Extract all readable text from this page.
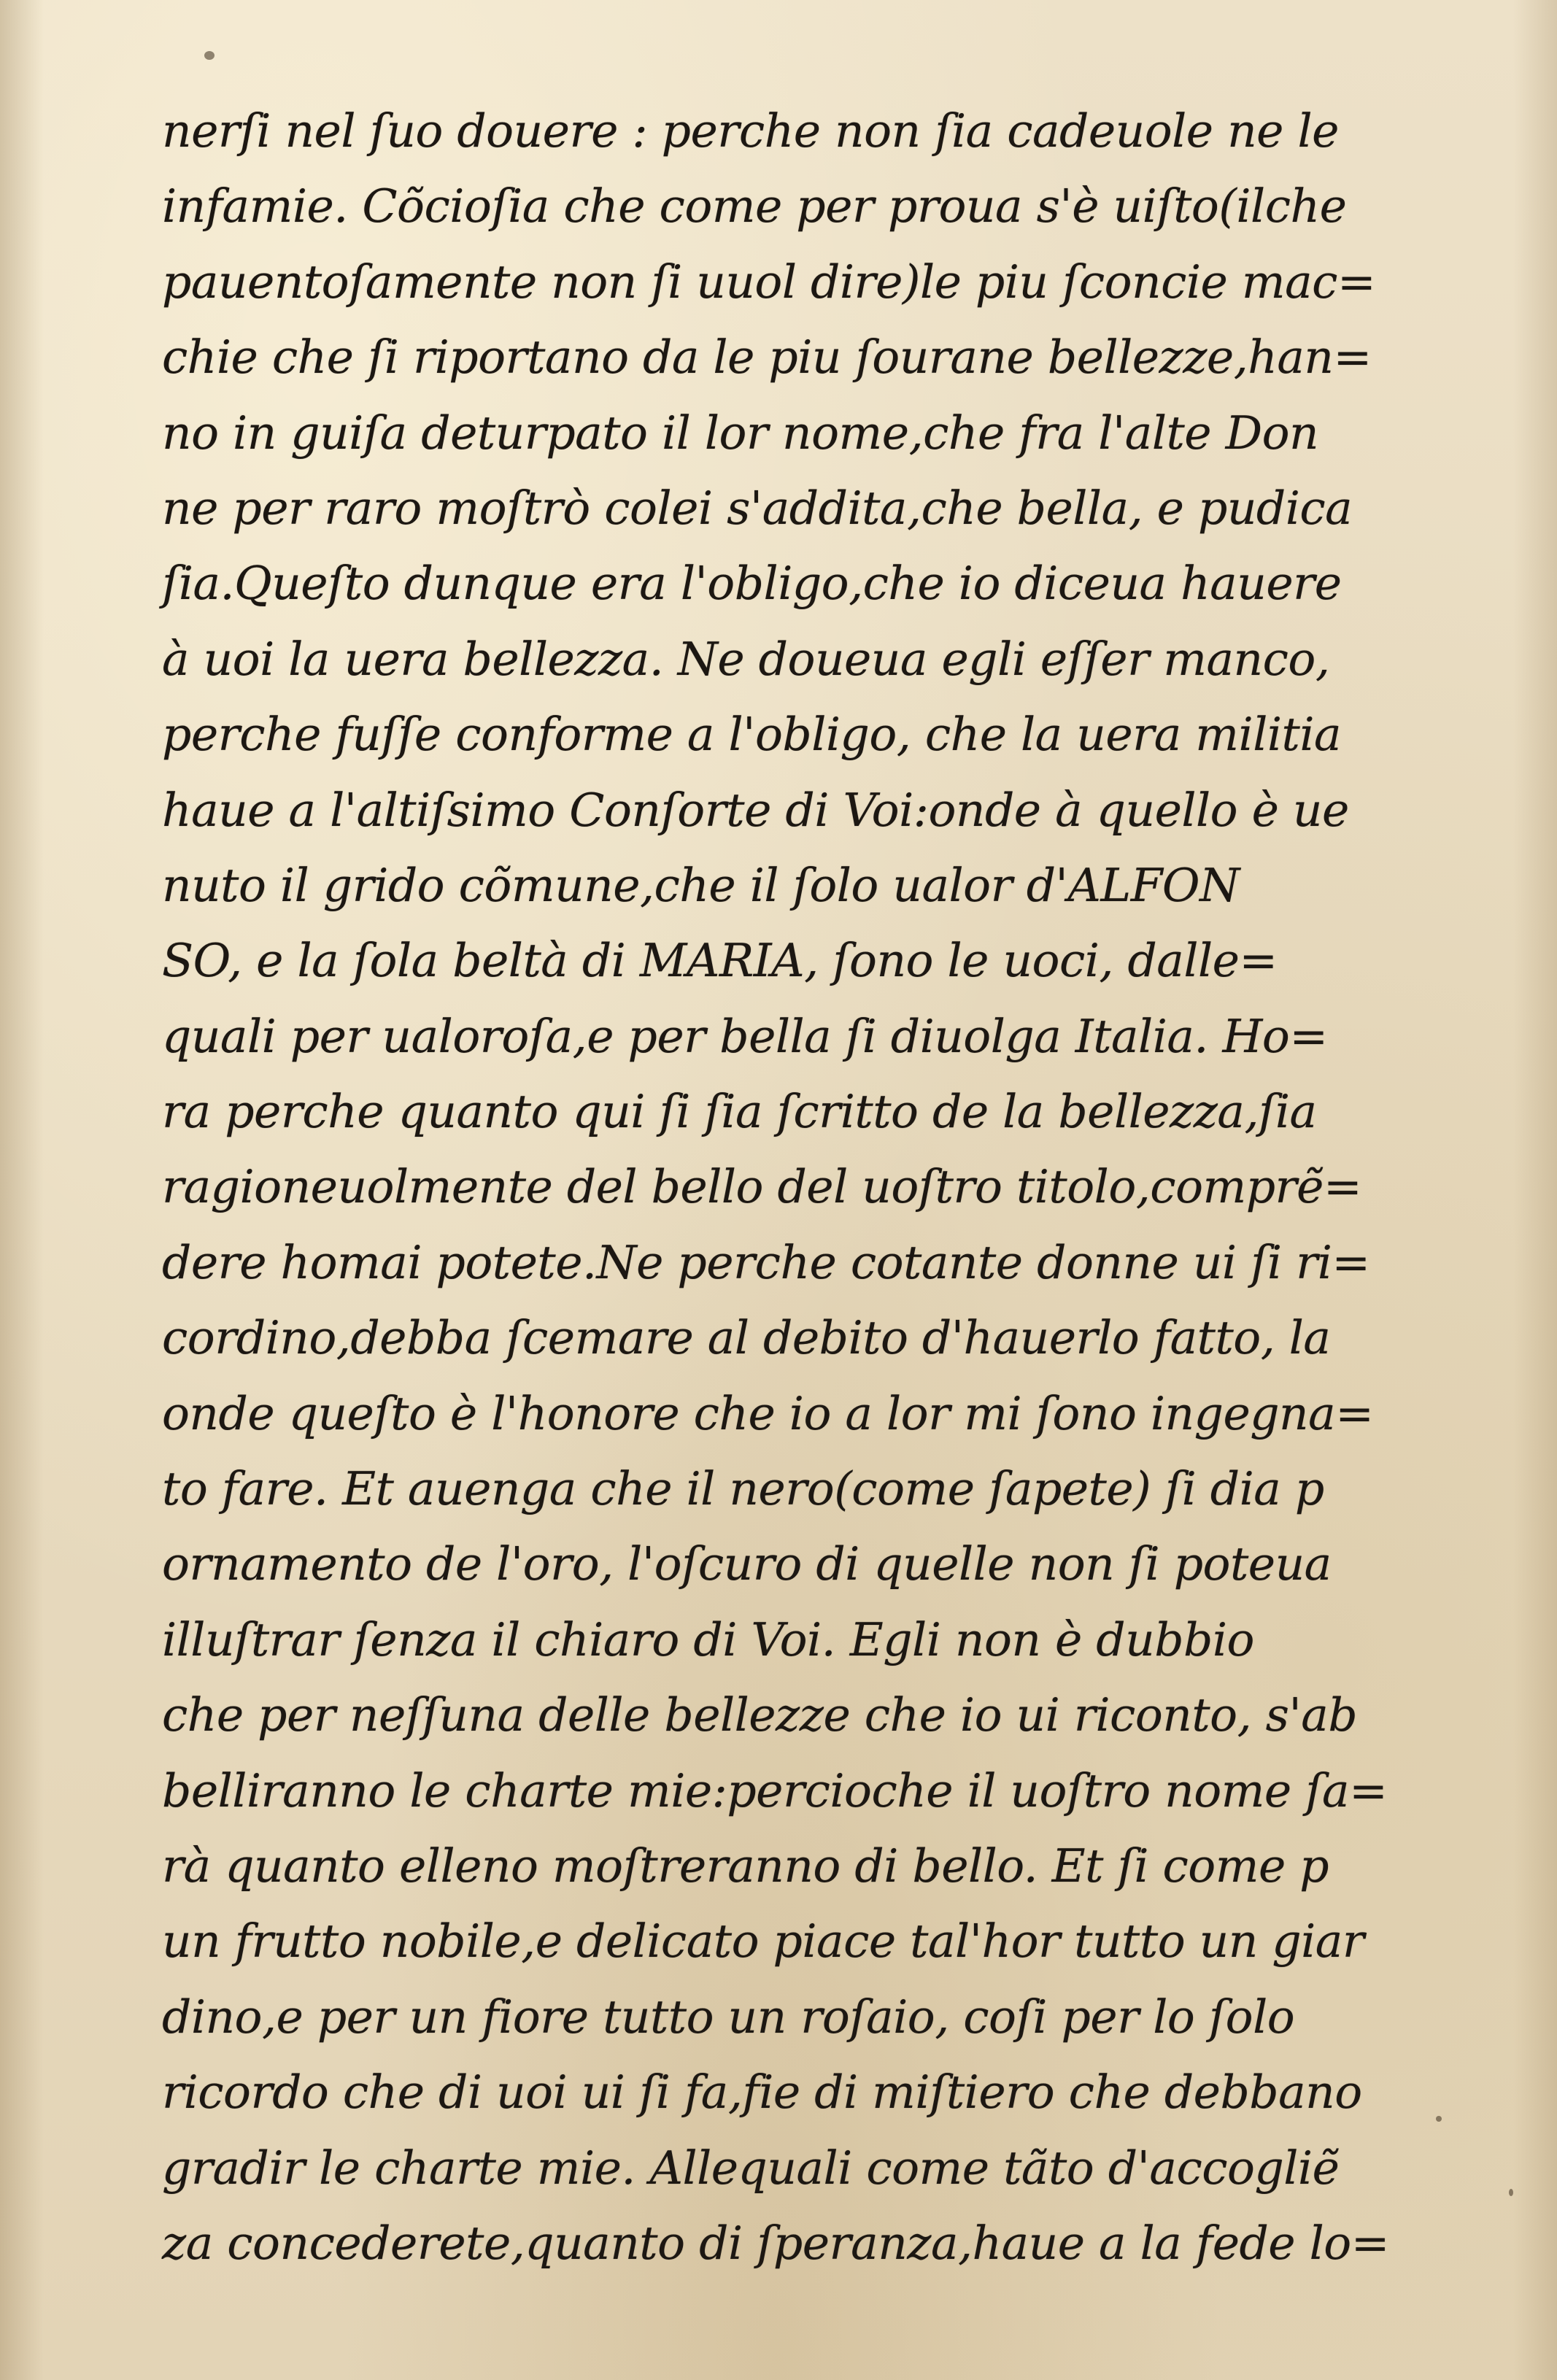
nerſi nel ſuo douere : perche non ſia cadeuole ne le
infamie. Cõcioſia che come per proua s'è uiſto(ilche
pauentoſamente non ſi uuol dire)le piu ſconcie mac=
chie che ſi riportano da le piu ſourane bellezze,han=
no in guiſa deturpato il lor nome,che fra l'alte Don
ne per raro moſtrò colei s'addita,che bella, e pudica
ſia.Queſto dunque era l'obligo,che io diceua hauere
à uoi la uera bellezza. Ne doueua egli eſſer manco,
perche fuſſe conforme a l'obligo, che la uera militia
haue a l'altiſsimo Conſorte di Voi:onde à quello è ue
nuto il grido cõmune,che il ſolo ualor d'ALFON
SO, e la ſola beltà di MARIA, ſono le uoci, dalle=
quali per ualoroſa,e per bella ſi diuolga Italia. Ho=
ra perche quanto qui ſi ſia ſcritto de la bellezza,ſia
ragioneuolmente del bello del uoſtro titolo,comprẽ=
dere homai potete.Ne perche cotante donne ui ſi ri=
cordino,debba ſcemare al debito d'hauerlo fatto, la
onde queſto è l'honore che io a lor mi ſono ingegna=
to fare. Et auenga che il nero(come ſapete) ſi dia p
ornamento de l'oro, l'oſcuro di quelle non ſi poteua
illuſtrar ſenza il chiaro di Voi. Egli non è dubbio
che per neſſuna delle bellezze che io ui riconto, s'ab
belliranno le charte mie:percioche il uoſtro nome ſa=
rà quanto elleno moſtreranno di bello. Et ſi come p
un frutto nobile,e delicato piace tal'hor tutto un giar
dino,e per un fiore tutto un roſaio, coſi per lo ſolo
ricordo che di uoi ui ſi fa,fie di miſtiero che debbano
gradir le charte mie. Allequali come tãto d'accogliẽ
za concederete,quanto di ſperanza,haue a la fede lo=
